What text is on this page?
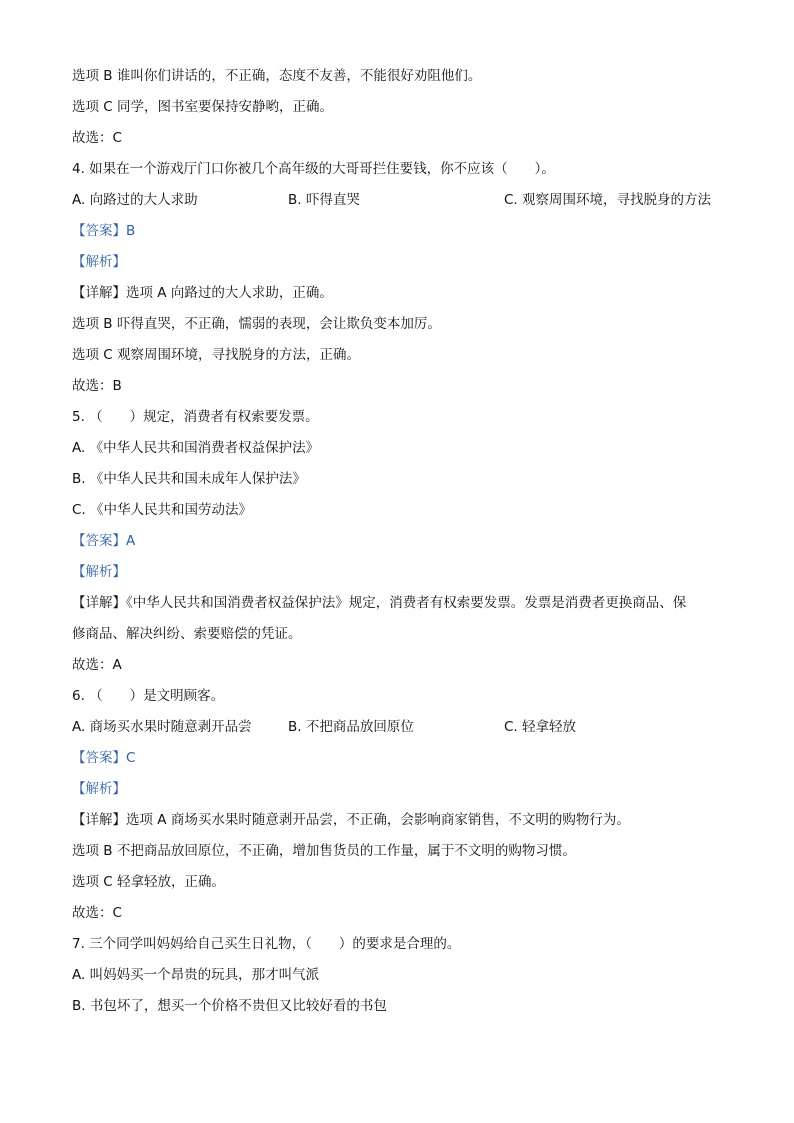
选项 B 谁叫你们讲话的，不正确，态度不友善，不能很好劝阻他们。
选项 C 同学，图书室要保持安静哟，正确。
故选：C
4. 如果在一个游戏厅门口你被几个高年级的大哥哥拦住要钱，你不应该（　　）。
A. 向路过的大人求助	B. 吓得直哭	C. 观察周围环境，寻找脱身的方法
【答案】B
【解析】
【详解】选项 A 向路过的大人求助，正确。
选项 B 吓得直哭，不正确，懦弱的表现，会让欺负变本加厉。
选项 C 观察周围环境，寻找脱身的方法，正确。
故选：B
5. （　　）规定，消费者有权索要发票。
A. 《中华人民共和国消费者权益保护法》
B. 《中华人民共和国未成年人保护法》
C. 《中华人民共和国劳动法》
【答案】A
【解析】
【详解】《中华人民共和国消费者权益保护法》规定，消费者有权索要发票。发票是消费者更换商品、保
修商品、解决纠纷、索要赔偿的凭证。
故选：A
6. （　　）是文明顾客。
A. 商场买水果时随意剥开品尝	B. 不把商品放回原位	C. 轻拿轻放
【答案】C
【解析】
【详解】选项 A 商场买水果时随意剥开品尝，不正确，会影响商家销售，不文明的购物行为。
选项 B 不把商品放回原位，不正确，增加售货员的工作量，属于不文明的购物习惯。
选项 C 轻拿轻放，正确。
故选：C
7. 三个同学叫妈妈给自己买生日礼物，（　　）的要求是合理的。
A. 叫妈妈买一个昂贵的玩具，那才叫气派
B. 书包坏了，想买一个价格不贵但又比较好看的书包
